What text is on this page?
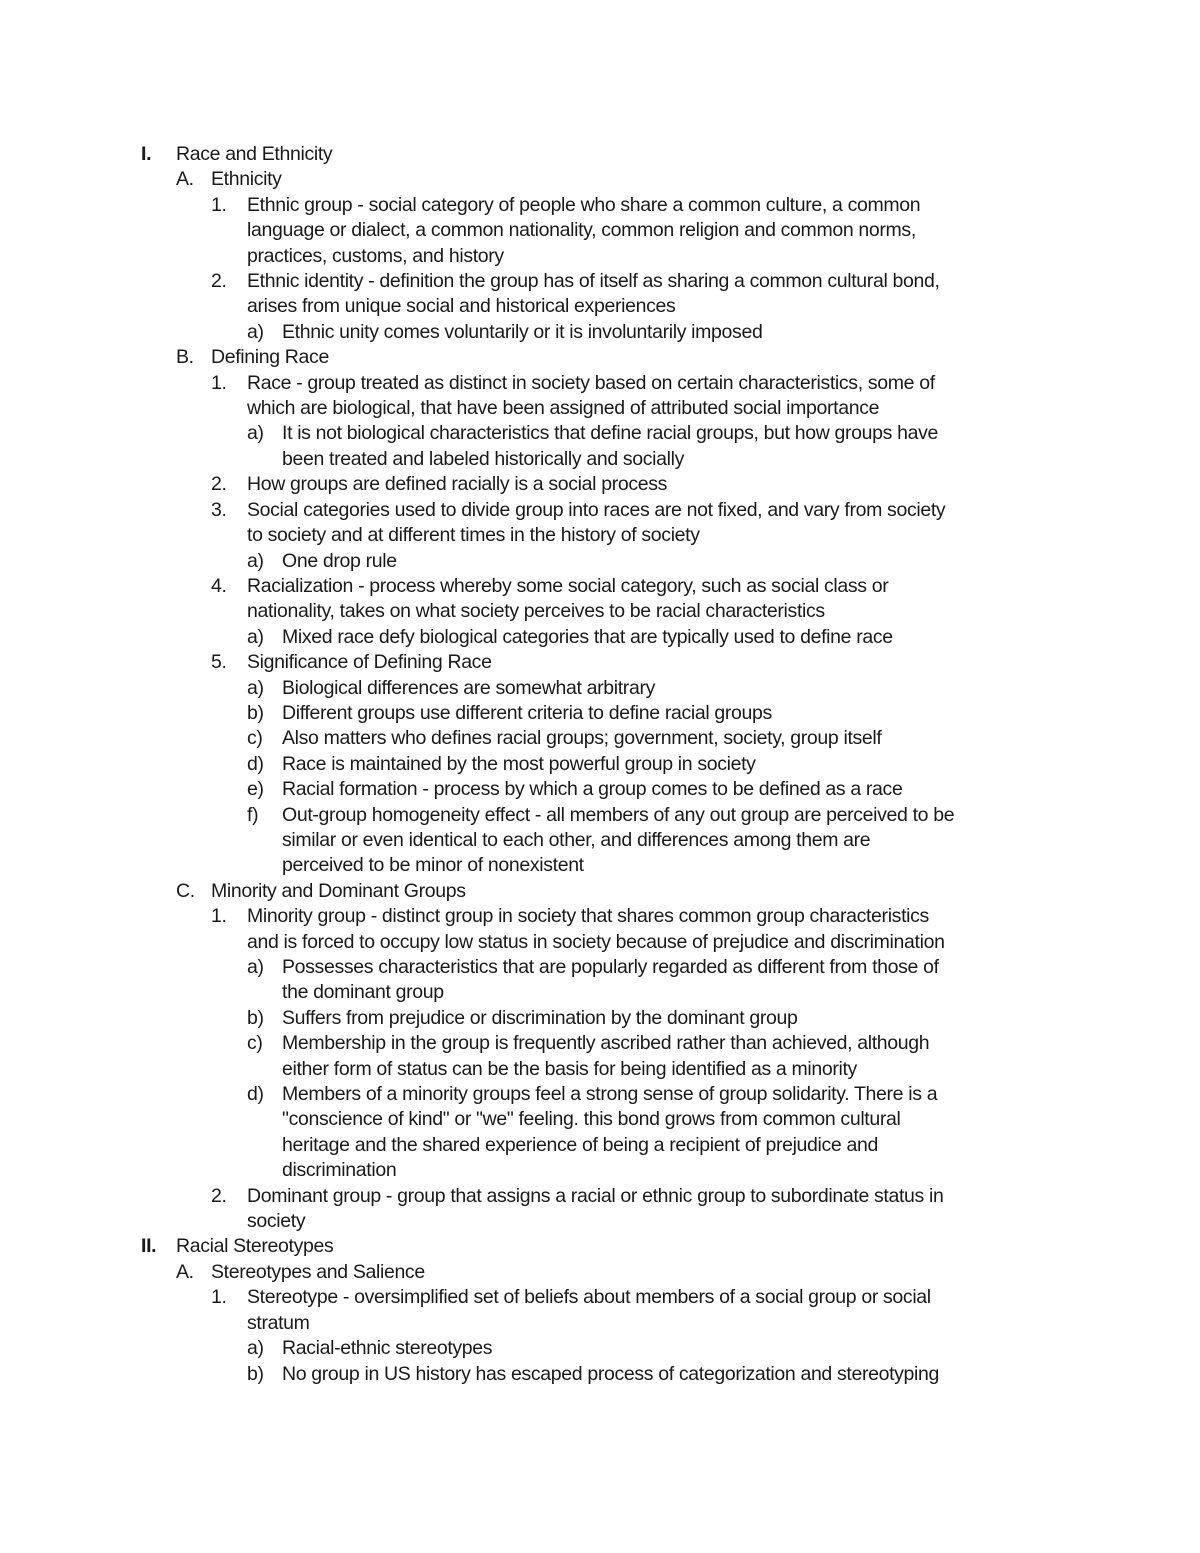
I. Race and Ethnicity
A. Ethnicity
1. Ethnic group - social category of people who share a common culture, a common
language or dialect, a common nationality, common religion and common norms,
practices, customs, and history
2. Ethnic identity - definition the group has of itself as sharing a common cultural bond,
arises from unique social and historical experiences
a) Ethnic unity comes voluntarily or it is involuntarily imposed
B. Defining Race
1. Race - group treated as distinct in society based on certain characteristics, some of
which are biological, that have been assigned of attributed social importance
a) It is not biological characteristics that define racial groups, but how groups have
been treated and labeled historically and socially
2. How groups are defined racially is a social process
3. Social categories used to divide group into races are not fixed, and vary from society
to society and at different times in the history of society
a) One drop rule
4. Racialization - process whereby some social category, such as social class or
nationality, takes on what society perceives to be racial characteristics
a) Mixed race defy biological categories that are typically used to define race
5. Significance of Defining Race
a) Biological differences are somewhat arbitrary
b) Different groups use different criteria to define racial groups
c) Also matters who defines racial groups; government, society, group itself
d) Race is maintained by the most powerful group in society
e) Racial formation - process by which a group comes to be defined as a race
f) Out-group homogeneity effect - all members of any out group are perceived to be
similar or even identical to each other, and differences among them are
perceived to be minor of nonexistent
C. Minority and Dominant Groups
1. Minority group - distinct group in society that shares common group characteristics
and is forced to occupy low status in society because of prejudice and discrimination
a) Possesses characteristics that are popularly regarded as different from those of
the dominant group
b) Suffers from prejudice or discrimination by the dominant group
c) Membership in the group is frequently ascribed rather than achieved, although
either form of status can be the basis for being identified as a minority
d) Members of a minority groups feel a strong sense of group solidarity. There is a
"conscience of kind" or "we" feeling. this bond grows from common cultural
heritage and the shared experience of being a recipient of prejudice and
discrimination
2. Dominant group - group that assigns a racial or ethnic group to subordinate status in
society
II. Racial Stereotypes
A. Stereotypes and Salience
1. Stereotype - oversimplified set of beliefs about members of a social group or social
stratum
a) Racial-ethnic stereotypes
b) No group in US history has escaped process of categorization and stereotyping
